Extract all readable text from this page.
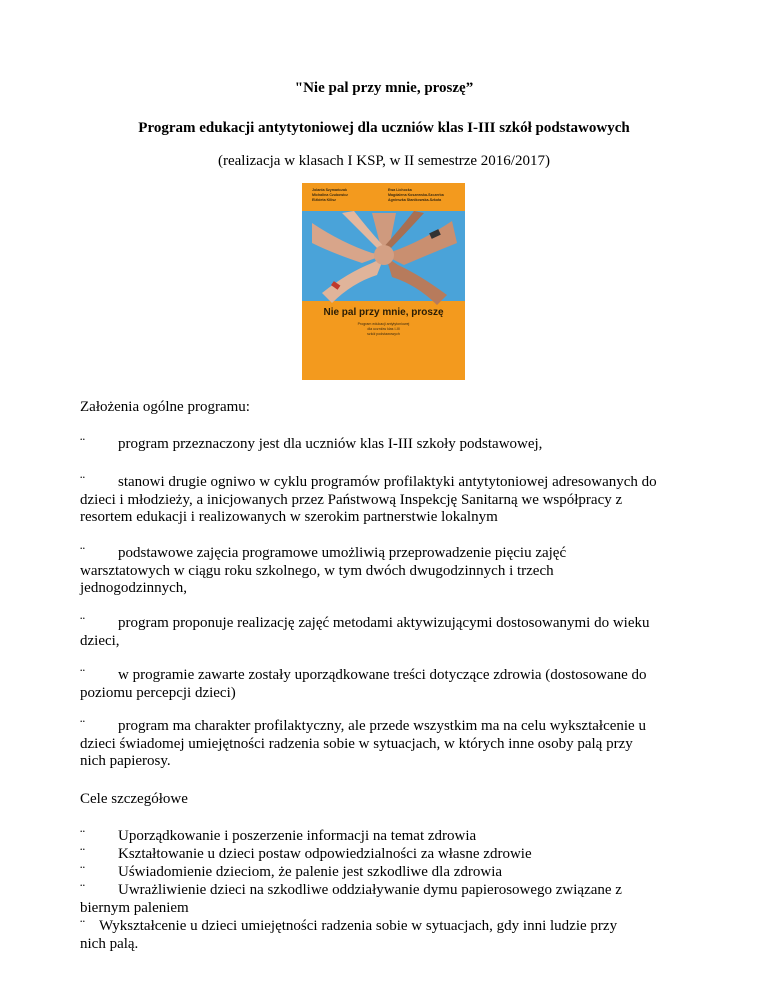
"Nie pal przy mnie, proszę”
Program edukacji antytytoniowej dla uczniów klas I-III szkół podstawowych
(realizacja w klasach I KSP, w II semestrze 2016/2017)
Jolanta Szymańczak
Michalina Czubowicz
Elżbieta Kilisz
Ewa Lichocka
Magdalena Koszewska-Szczerba
Agnieszka Stanikowska-Szkoła
Nie pal przy mnie, proszę
Program edukacji antytytoniowej
dla uczniów klas I-III
szkół podstawowych
Założenia ogólne programu:
¨ program przeznaczony jest dla uczniów klas I-III szkoły podstawowej,
¨ stanowi drugie ogniwo w cyklu programów profilaktyki antytytoniowej adresowanych do
dzieci i młodzieży, a inicjowanych przez Państwową Inspekcję Sanitarną we współpracy z
resortem edukacji i realizowanych w szerokim partnerstwie lokalnym
¨ podstawowe zajęcia programowe umożliwią przeprowadzenie pięciu zajęć
warsztatowych w ciągu roku szkolnego, w tym dwóch dwugodzinnych i trzech
jednogodzinnych,
¨ program proponuje realizację zajęć metodami aktywizującymi dostosowanymi do wieku
dzieci,
¨ w programie zawarte zostały uporządkowane treści dotyczące zdrowia (dostosowane do
poziomu percepcji dzieci)
¨ program ma charakter profilaktyczny, ale przede wszystkim ma na celu wykształcenie u
dzieci świadomej umiejętności radzenia sobie w sytuacjach, w których inne osoby palą przy
nich papierosy.
Cele szczegółowe
¨ Uporządkowanie i poszerzenie informacji na temat zdrowia
¨ Kształtowanie u dzieci postaw odpowiedzialności za własne zdrowie
¨ Uświadomienie dzieciom, że palenie jest szkodliwe dla zdrowia
¨ Uwrażliwienie dzieci na szkodliwe oddziaływanie dymu papierosowego związane z
biernym paleniem
¨ Wykształcenie u dzieci umiejętności radzenia sobie w sytuacjach, gdy inni ludzie przy
nich palą.
